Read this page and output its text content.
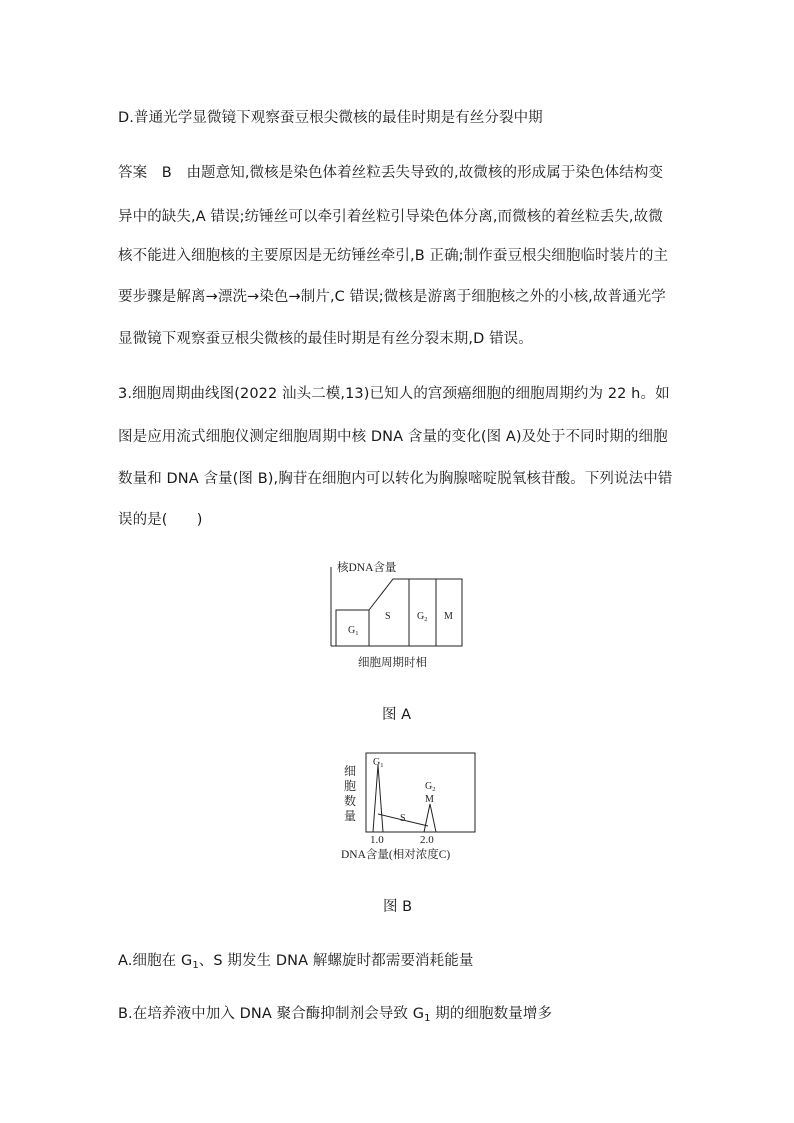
D.普通光学显微镜下观察蚕豆根尖微核的最佳时期是有丝分裂中期
答案　B　由题意知,微核是染色体着丝粒丢失导致的,故微核的形成属于染色体结构变
异中的缺失,A 错误;纺锤丝可以牵引着丝粒引导染色体分离,而微核的着丝粒丢失,故微
核不能进入细胞核的主要原因是无纺锤丝牵引,B 正确;制作蚕豆根尖细胞临时装片的主
要步骤是解离→漂洗→染色→制片,C 错误;微核是游离于细胞核之外的小核,故普通光学
显微镜下观察蚕豆根尖微核的最佳时期是有丝分裂末期,D 错误。
3.细胞周期曲线图(2022 汕头二模,13)已知人的宫颈癌细胞的细胞周期约为 22 h。如
图是应用流式细胞仪测定细胞周期中核 DNA 含量的变化(图 A)及处于不同时期的细胞
数量和 DNA 含量(图 B),胸苷在细胞内可以转化为胸腺嘧啶脱氧核苷酸。下列说法中错
误的是(　　)
核DNA含量
$G_1$
S	$G_2$ M
细胞周期时相
图 A
细
胞
数
量
$G_1$
$G_2$
M
S
1.0	2.0
DNA含量(相对浓度C)
图 B
A.细胞在 $G_1$、S 期发生 DNA 解螺旋时都需要消耗能量
B.在培养液中加入 DNA 聚合酶抑制剂会导致 $G_1$ 期的细胞数量增多
